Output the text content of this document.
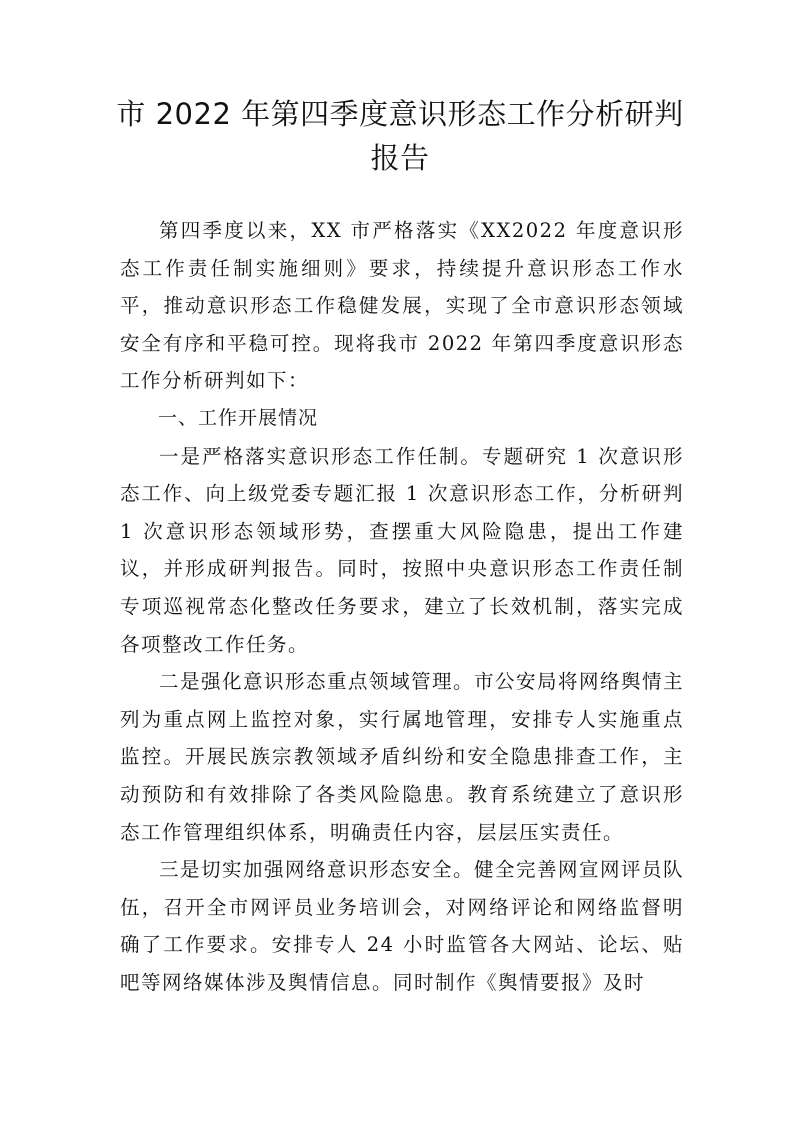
市 2022 年第四季度意识形态工作分析研判
报告

第四季度以来，XX 市严格落实《XX2022 年度意识形态工作责任制实施细则》要求，持续提升意识形态工作水平，推动意识形态工作稳健发展，实现了全市意识形态领域安全有序和平稳可控。现将我市 2022 年第四季度意识形态工作分析研判如下：

一、工作开展情况

一是严格落实意识形态工作任制。专题研究 1 次意识形态工作、向上级党委专题汇报 1 次意识形态工作，分析研判 1 次意识形态领域形势，查摆重大风险隐患，提出工作建议，并形成研判报告。同时，按照中央意识形态工作责任制专项巡视常态化整改任务要求，建立了长效机制，落实完成各项整改工作任务。

二是强化意识形态重点领域管理。市公安局将网络舆情主列为重点网上监控对象，实行属地管理，安排专人实施重点监控。开展民族宗教领域矛盾纠纷和安全隐患排查工作，主动预防和有效排除了各类风险隐患。教育系统建立了意识形态工作管理组织体系，明确责任内容，层层压实责任。

三是切实加强网络意识形态安全。健全完善网宣网评员队伍，召开全市网评员业务培训会，对网络评论和网络监督明确了工作要求。安排专人 24 小时监管各大网站、论坛、贴吧等网络媒体涉及舆情信息。同时制作《舆情要报》及时
